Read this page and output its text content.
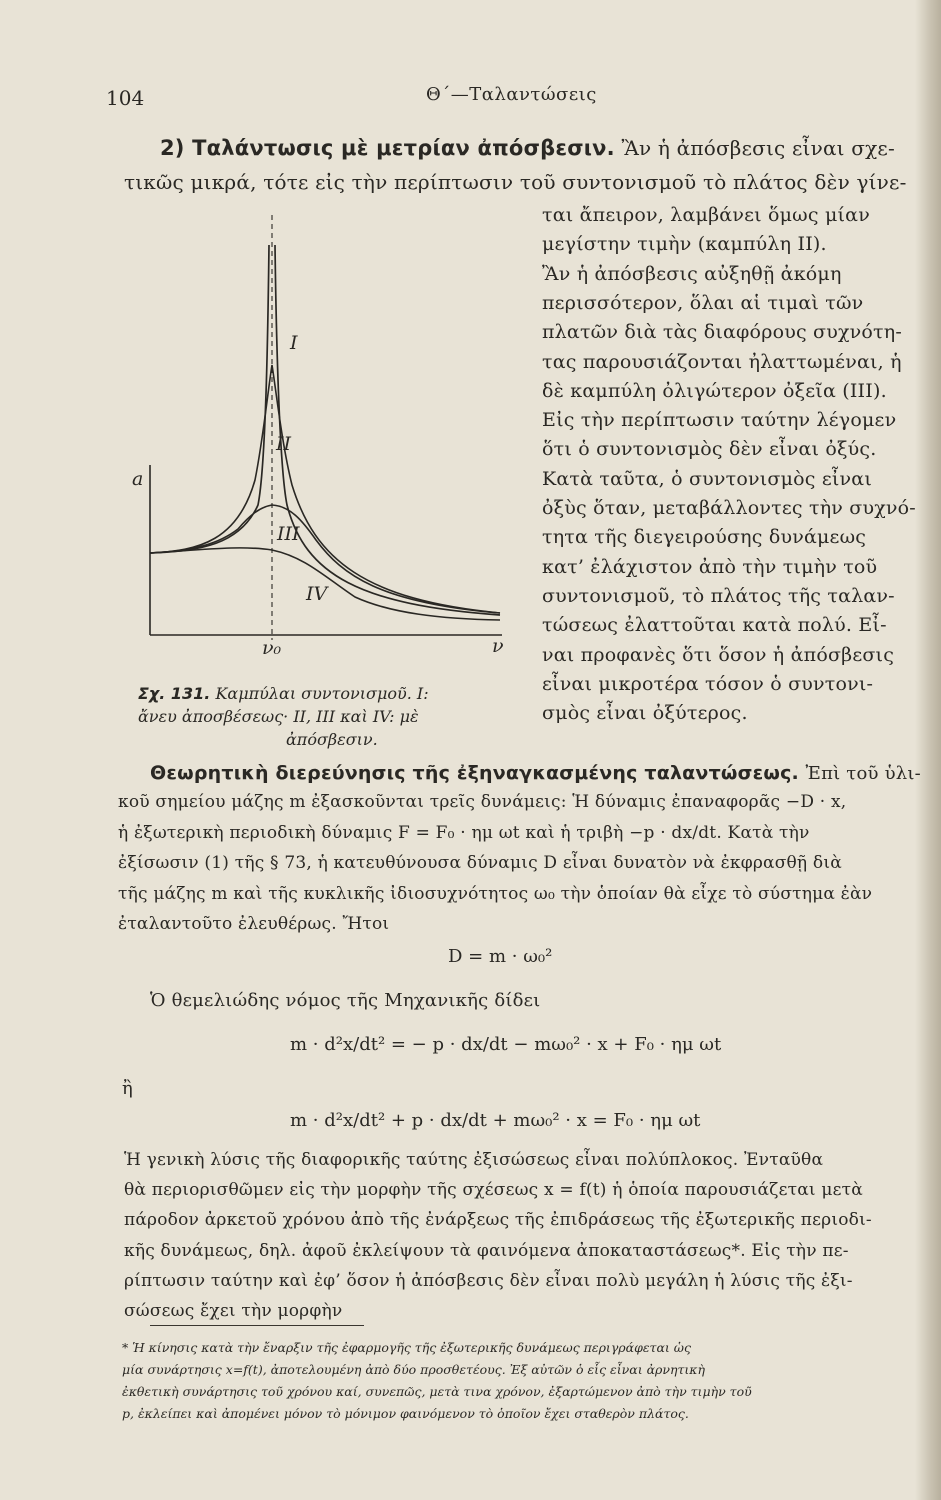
104	Θ΄—Ταλαντώσεις
2) Ταλάντωσις μὲ μετρίαν ἀπόσβεσιν. Ἂν ἡ ἀπόσβεσις εἶναι σχε-
τικῶς μικρά, τότε εἰς τὴν περίπτωσιν τοῦ συντονισμοῦ τὸ πλάτος δὲν γίνε-
ται ἄπειρον, λαμβάνει ὅμως μίαν
μεγίστην τιμὴν (καμπύλη II).
Ἂν ἡ ἀπόσβεσις αὐξηθῇ ἀκόμη
περισσότερον, ὅλαι αἱ τιμαὶ τῶν
πλατῶν διὰ τὰς διαφόρους συχνότη-
τας παρουσιάζονται ἠλαττωμέναι, ἡ
δὲ καμπύλη ὀλιγώτερον ὀξεῖα (III).
Εἰς τὴν περίπτωσιν ταύτην λέγομεν
ὅτι ὁ συντονισμὸς δὲν εἶναι ὀξύς.
Κατὰ ταῦτα, ὁ συντονισμὸς εἶναι
ὀξὺς ὅταν, μεταβάλλοντες τὴν συχνό-
τητα τῆς διεγειρούσης δυνάμεως
κατ’ ἐλάχιστον ἀπὸ τὴν τιμὴν τοῦ
συντονισμοῦ, τὸ πλάτος τῆς ταλαν-
τώσεως ἐλαττοῦται κατὰ πολύ. Εἶ-
ναι προφανὲς ὅτι ὅσον ἡ ἀπόσβεσις
εἶναι μικροτέρα τόσον ὁ συντονι-
σμὸς εἶναι ὀξύτερος.
I
II
III
IV
a
ν
ν₀
Σχ. 131. Καμπύλαι συντονισμοῦ. I:
ἄνευ ἀποσβέσεως· II, III καὶ IV: μὲ
ἀπόσβεσιν.
Θεωρητικὴ διερεύνησις τῆς ἐξηναγκασμένης ταλαντώσεως. Ἐπὶ τοῦ ὑλι-
κοῦ σημείου μάζης m ἐξασκοῦνται τρεῖς δυνάμεις: Ἡ δύναμις ἐπαναφορᾶς −D · x,
ἡ ἐξωτερικὴ περιοδικὴ δύναμις F = F₀ · ημ ωt καὶ ἡ τριβὴ −p · dx/dt. Κατὰ τὴν
ἐξίσωσιν (1) τῆς § 73, ἡ κατευθύνουσα δύναμις D εἶναι δυνατὸν νὰ ἐκφρασθῇ διὰ
τῆς μάζης m καὶ τῆς κυκλικῆς ἰδιοσυχνότητος ω₀ τὴν ὁποίαν θὰ εἶχε τὸ σύστημα ἐὰν
ἐταλαντοῦτο ἐλευθέρως. Ἤτοι
D = m · ω₀²
Ὁ θεμελιώδης νόμος τῆς Μηχανικῆς δίδει
m · d²x/dt² = − p · dx/dt − mω₀² · x + F₀ · ημ ωt
ἢ
m · d²x/dt² + p · dx/dt + mω₀² · x = F₀ · ημ ωt
Ἡ γενικὴ λύσις τῆς διαφορικῆς ταύτης ἐξισώσεως εἶναι πολύπλοκος. Ἐνταῦθα
θὰ περιορισθῶμεν εἰς τὴν μορφὴν τῆς σχέσεως x = f(t) ἡ ὁποία παρουσιάζεται μετὰ
πάροδον ἀρκετοῦ χρόνου ἀπὸ τῆς ἐνάρξεως τῆς ἐπιδράσεως τῆς ἐξωτερικῆς περιοδι-
κῆς δυνάμεως, δηλ. ἀφοῦ ἐκλείψουν τὰ φαινόμενα ἀποκαταστάσεως*. Εἰς τὴν πε-
ρίπτωσιν ταύτην καὶ ἐφ’ ὅσον ἡ ἀπόσβεσις δὲν εἶναι πολὺ μεγάλη ἡ λύσις τῆς ἐξι-
σώσεως ἔχει τὴν μορφὴν
* Ἡ κίνησις κατὰ τὴν ἔναρξιν τῆς ἐφαρμογῆς τῆς ἐξωτερικῆς δυνάμεως περιγράφεται ὡς
μία συνάρτησις x=f(t), ἀποτελουμένη ἀπὸ δύο προσθετέους. Ἐξ αὐτῶν ὁ εἷς εἶναι ἀρνητικὴ
ἐκθετικὴ συνάρτησις τοῦ χρόνου καί, συνεπῶς, μετὰ τινα χρόνον, ἐξαρτώμενον ἀπὸ τὴν τιμὴν τοῦ
p, ἐκλείπει καὶ ἀπομένει μόνον τὸ μόνιμον φαινόμενον τὸ ὁποῖον ἔχει σταθερὸν πλάτος.
